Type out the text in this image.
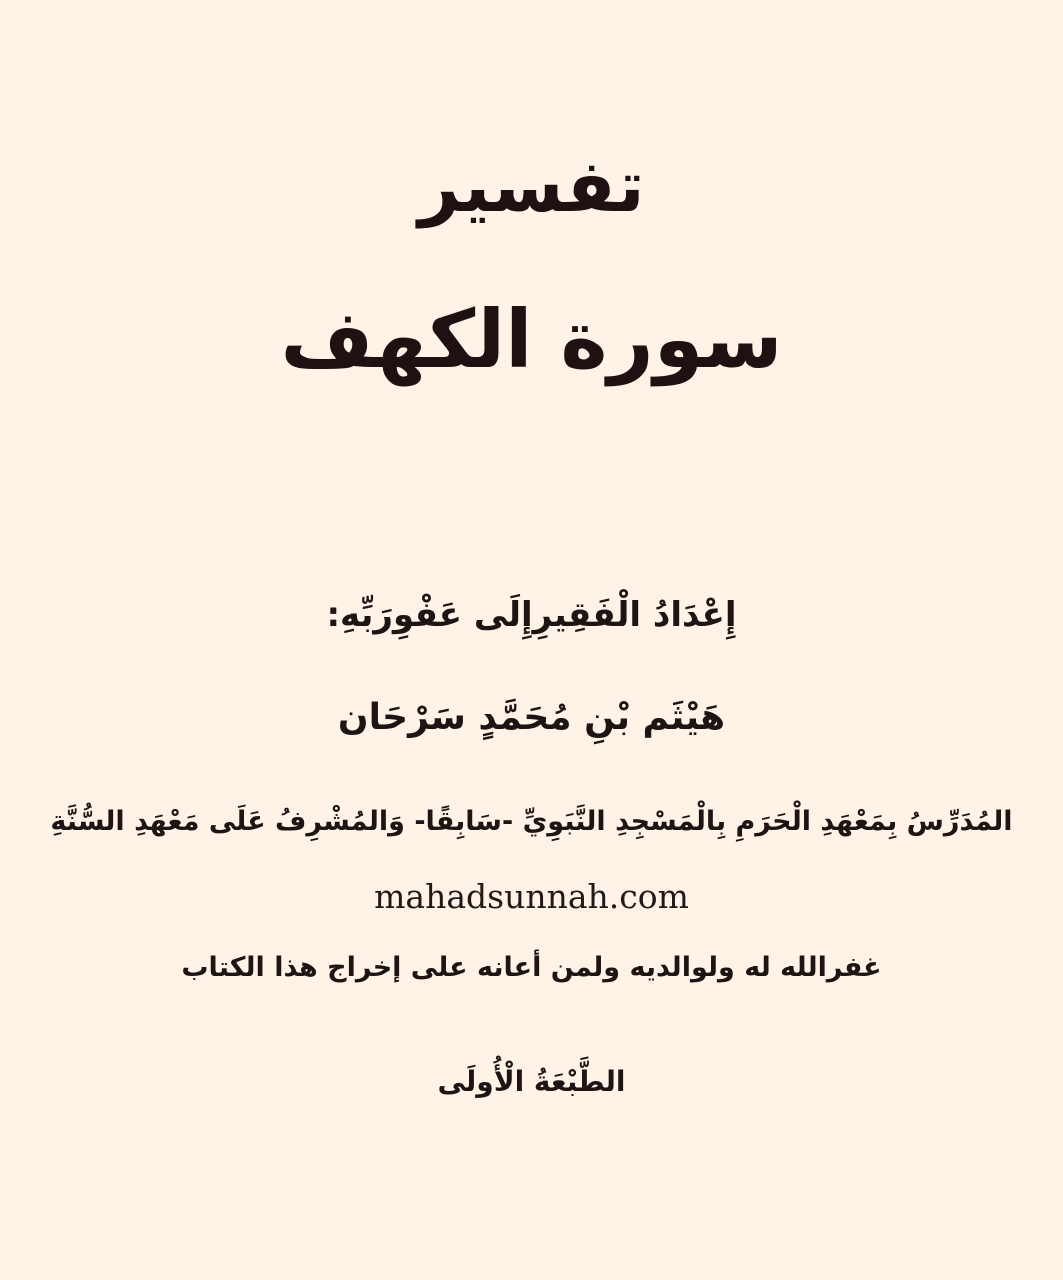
تفسير
سورة الكهف
إِعْدَادُ الْفَقِيرِإِلَى عَفْوِرَبِّهِ:
هَيْثَم بْنِ مُحَمَّدٍ سَرْحَان
المُدَرِّسُ بِمَعْهَدِ الْحَرَمِ بِالْمَسْجِدِ النَّبَوِيِّ -سَابِقًا- وَالمُشْرِفُ عَلَى مَعْهَدِ السُّنَّةِ
mahadsunnah.com
غفرالله له ولوالديه ولمن أعانه على إخراج هذا الكتاب
الطَّبْعَةُ الْأُولَى
